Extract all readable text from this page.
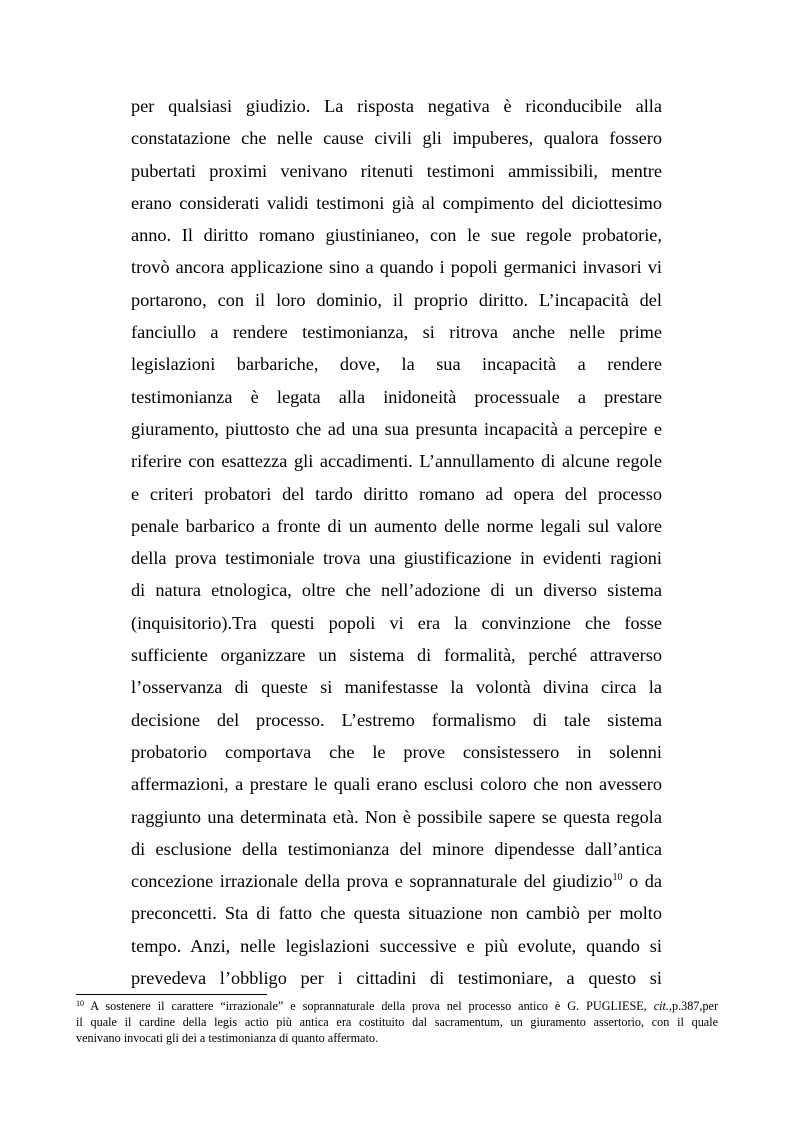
per qualsiasi giudizio. La risposta negativa è riconducibile alla
constatazione che nelle cause civili gli impuberes, qualora fossero
pubertati proximi venivano ritenuti testimoni ammissibili, mentre
erano considerati validi testimoni già al compimento del diciottesimo
anno. Il diritto romano giustinianeo, con le sue regole probatorie,
trovò ancora applicazione sino a quando i popoli germanici invasori vi
portarono, con il loro dominio, il proprio diritto. L’incapacità del
fanciullo a rendere testimonianza, si ritrova anche nelle prime
legislazioni barbariche, dove, la sua incapacità a rendere
testimonianza è legata alla inidoneità processuale a prestare
giuramento, piuttosto che ad una sua presunta incapacità a percepire e
riferire con esattezza gli accadimenti. L’annullamento di alcune regole
e criteri probatori del tardo diritto romano ad opera del processo
penale barbarico a fronte di un aumento delle norme legali sul valore
della prova testimoniale trova una giustificazione in evidenti ragioni
di natura etnologica, oltre che nell’adozione di un diverso sistema
(inquisitorio).Tra questi popoli vi era la convinzione che fosse
sufficiente organizzare un sistema di formalità, perché attraverso
l’osservanza di queste si manifestasse la volontà divina circa la
decisione del processo. L’estremo formalismo di tale sistema
probatorio comportava che le prove consistessero in solenni
affermazioni, a prestare le quali erano esclusi coloro che non avessero
raggiunto una determinata età. Non è possibile sapere se questa regola
di esclusione della testimonianza del minore dipendesse dall’antica
concezione irrazionale della prova e soprannaturale del giudizio$^{10}$ o da
preconcetti. Sta di fatto che questa situazione non cambiò per molto
tempo. Anzi, nelle legislazioni successive e più evolute, quando si
prevedeva l’obbligo per i cittadini di testimoniare, a questo si
$^{10}$ A sostenere il carattere “irrazionale” e soprannaturale della prova nel processo antico è G. PUGLIESE, cit.,p.387,per
il quale il cardine della legis actio più antica era costituito dal sacramentum, un giuramento assertorio, con il quale
venivano invocati gli dei a testimonianza di quanto affermato.
